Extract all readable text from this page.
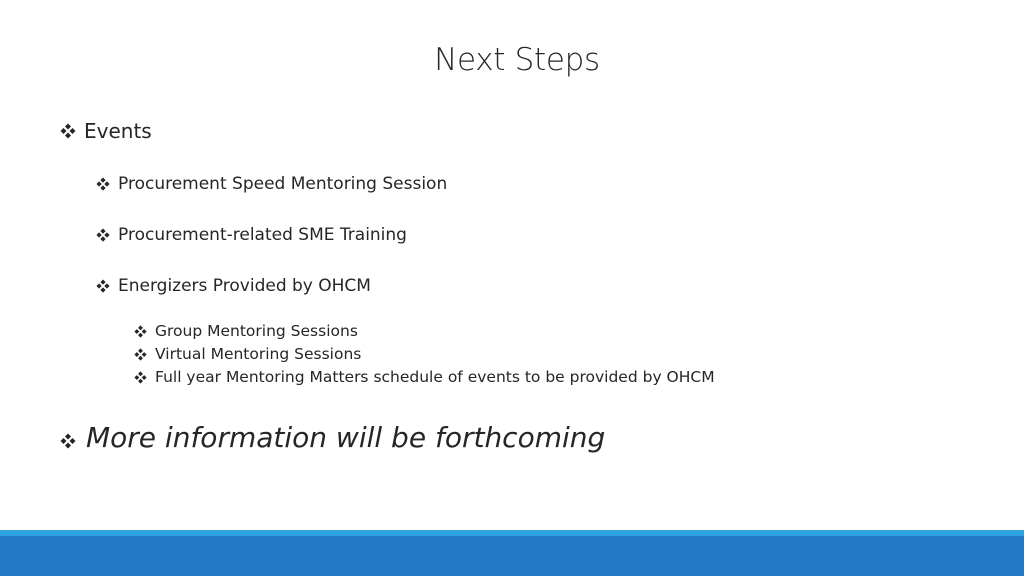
Next Steps
Events
Procurement Speed Mentoring Session
Procurement-related SME Training
Energizers Provided by OHCM
Group Mentoring Sessions
Virtual Mentoring Sessions
Full year Mentoring Matters schedule of events to be provided by OHCM
More information will be forthcoming
